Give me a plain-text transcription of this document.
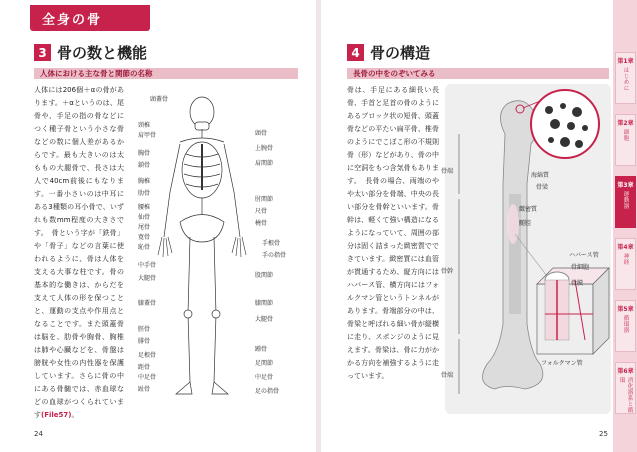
全身の骨
3 骨の数と機能
人体における主な骨と関節の名称

人体には206個＋αの骨があります。＋αというのは、尾骨や、手足の指の骨などにつく種子骨という小さな骨などの数に個人差があるからです。最も大きいのは太ももの大腿骨で、長さは大人で40cm前後にもなります。一番小さいのは中耳にある3種類の耳小骨で、いずれも数mm程度の大きさです。　骨という字が「鉄骨」や「骨子」などの言葉に使われるように、骨は人体を支える大事な柱です。骨の基本的な働きは、からだを支えて人体の形を保つことと、運動の支点や作用点となることです。また頭蓋骨は脳を、肋骨や胸骨、胸椎は肺や心臓などを、骨盤は膀胱や女性の内性器を保護しています。さらに骨の中にある骨髄では、赤血球などの血球がつくられています(File57)。

頭蓋骨
頸椎
肩甲骨
胸骨
鎖骨
胸椎
肋骨
腰椎
仙骨
尾骨
寛骨
恥骨
中手骨
大腿骨
膝蓋骨
脛骨
腓骨
足根骨
距骨
中足骨
趾骨
頭骨
上腕骨
肩関節
肘関節
尺骨
橈骨
手根骨
手の指骨
股関節
膝関節
大腿骨
踵骨
足関節
中足骨
足の指骨
24
4 骨の構造
長骨の中をのぞいてみる

骨は、手足にある細長い長骨、手首と足首の骨のようにあるブロック状の短骨、頭蓋骨などの平たい扁平骨、椎骨のようにでこぼこ形の不規則骨（形）などがあり、骨の中に空洞をもつ含気骨もあります。　長骨の場合、両端のやや太い部分を骨端、中央の長い部分を骨幹といいます。骨幹は、軽くて強い構造になるようになっていて、周囲の部分は固く詰まった緻密質でできています。緻密質には血管が貫通するため、縦方向にはハバース管、横方向にはフォルクマン管というトンネルがあります。骨端部分の中は、骨梁と呼ばれる細い骨が縦横に走り、スポンジのように見えます。骨梁は、骨に力がかかる方向を補強するように走っています。

骨梁
海綿質
骨端
骨幹
骨端
髄腔
緻密質
ハバース管
骨細胞
骨膜
フォルクマン管
25
第1章
はじめに
第2章
細胞
第3章
運動器
第4章
神経
第5章
循環器
第6章
消化器系と循環
